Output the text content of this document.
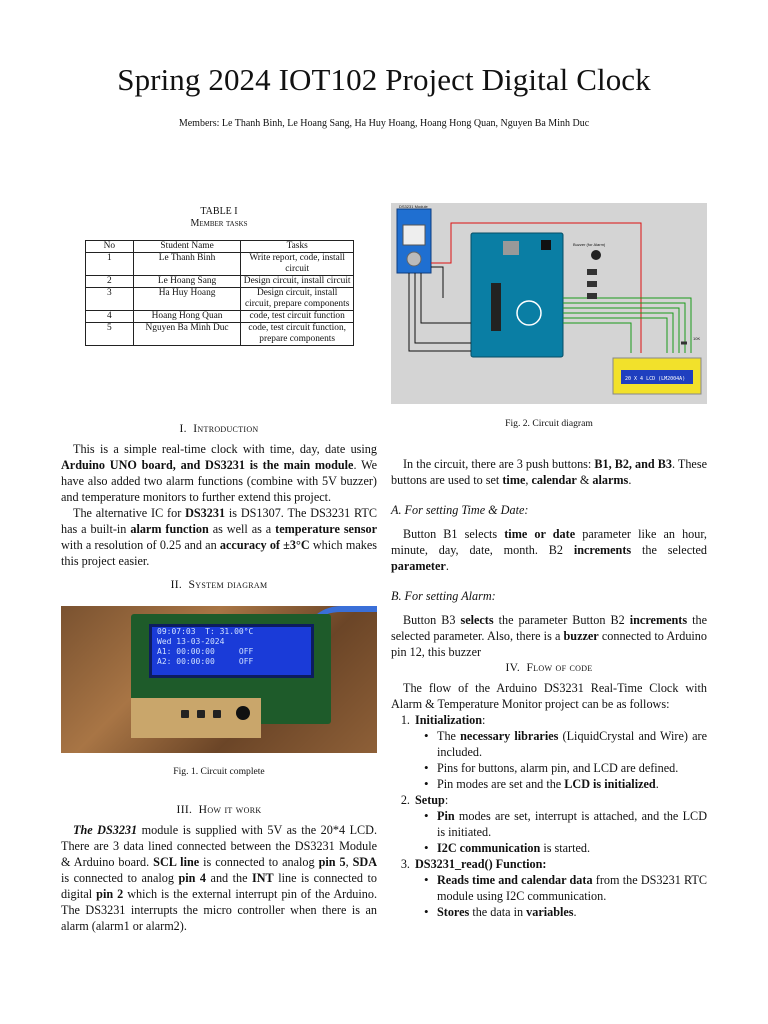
Spring 2024 IOT102 Project Digital Clock
Members: Le Thanh Binh, Le Hoang Sang, Ha Huy Hoang, Hoang Hong Quan, Nguyen Ba Minh Duc
TABLE I
Member tasks
No	Student Name	Tasks
1	Le Thanh Binh	Write report, code, install circuit
2	Le Hoang Sang	Design circuit, install circuit
3	Ha Huy Hoang	Design circuit, install circuit, prepare components
4	Hoang Hong Quan	code, test circuit function
5	Nguyen Ba Minh Duc	code, test circuit function, prepare components
I. Introduction

This is a simple real-time clock with time, day, date using Arduino UNO board, and DS3231 is the main module. We have also added two alarm functions (combine with 5V buzzer) and temperature monitors to further extend this project.

The alternative IC for DS3231 is DS1307. The DS3231 RTC has a built-in alarm function as well as a temperature sensor with a resolution of 0.25 and an accuracy of ±3°C which makes this project easier.

II. System diagram
09:07:03  T: 31.00°C
Wed 13-03-2024
A1: 00:00:00     OFF
A2: 00:00:00     OFF
Fig. 1. Circuit complete
III. How it work

The DS3231 module is supplied with 5V as the 20*4 LCD. There are 3 data lined connected between the DS3231 Module & Arduino board. SCL line is connected to analog pin 5, SDA is connected to analog pin 4 and the INT line is connected to digital pin 2 which is the external interrupt pin of the Arduino. The DS3231 interrupts the micro controller when there is an alarm (alarm1 or alarm2).

DS3231 Module
Buzzer (for Alarm)
10K
20 X 4 LCD (LM2004A)
Fig. 2. Circuit diagram

In the circuit, there are 3 push buttons: B1, B2, and B3. These buttons are used to set time, calendar & alarms.

A. For setting Time & Date:

Button B1 selects time or date parameter like an hour, minute, day, date, month. B2 increments the selected parameter.

B. For setting Alarm:

Button B3 selects the parameter Button B2 increments the selected parameter. Also, there is a buzzer connected to Arduino pin 12, this buzzer

IV. Flow of code

The flow of the Arduino DS3231 Real-Time Clock with Alarm & Temperature Monitor project can be as follows:

1. Initialization:
• The necessary libraries (LiquidCrystal and Wire) are included.
• Pins for buttons, alarm pin, and LCD are defined.
• Pin modes are set and the LCD is initialized.
2. Setup:
• Pin modes are set, interrupt is attached, and the LCD is initiated.
• I2C communication is started.
3. DS3231_read() Function:
• Reads time and calendar data from the DS3231 RTC module using I2C communication.
• Stores the data in variables.
